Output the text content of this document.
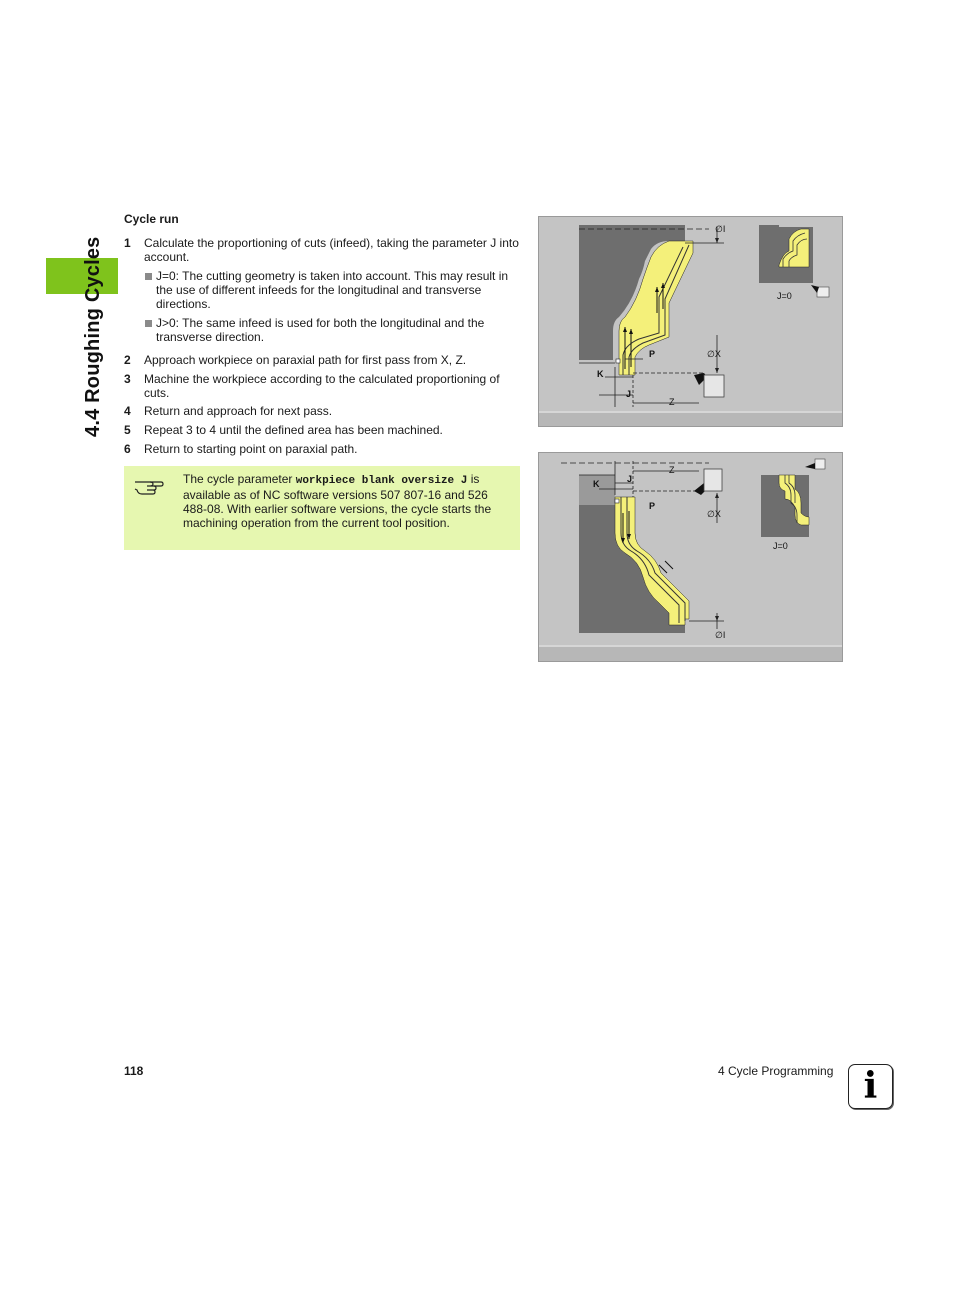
4.4 Roughing Cycles
Cycle run
1 Calculate the proportioning of cuts (infeed), taking the parameter J into account.
J=0: The cutting geometry is taken into account. This may result in the use of different infeeds for the longitudinal and transverse directions.
J>0: The same infeed is used for both the longitudinal and the transverse direction.
2 Approach workpiece on paraxial path for first pass from X, Z.
3 Machine the workpiece according to the calculated proportioning of cuts.
4 Return and approach for next pass.
5 Repeat 3 to 4 until the defined area has been machined.
6 Return to starting point on paraxial path.
The cycle parameter workpiece blank oversize J is available as of NC software versions 507 807-16 and 526 488-08. With earlier software versions, the cycle starts the machining operation from the current tool position.
∅I
∅X
K
J
Z
P
J=0
∅I
∅X
K	J
Z
P
J=0
118	4 Cycle Programming i
